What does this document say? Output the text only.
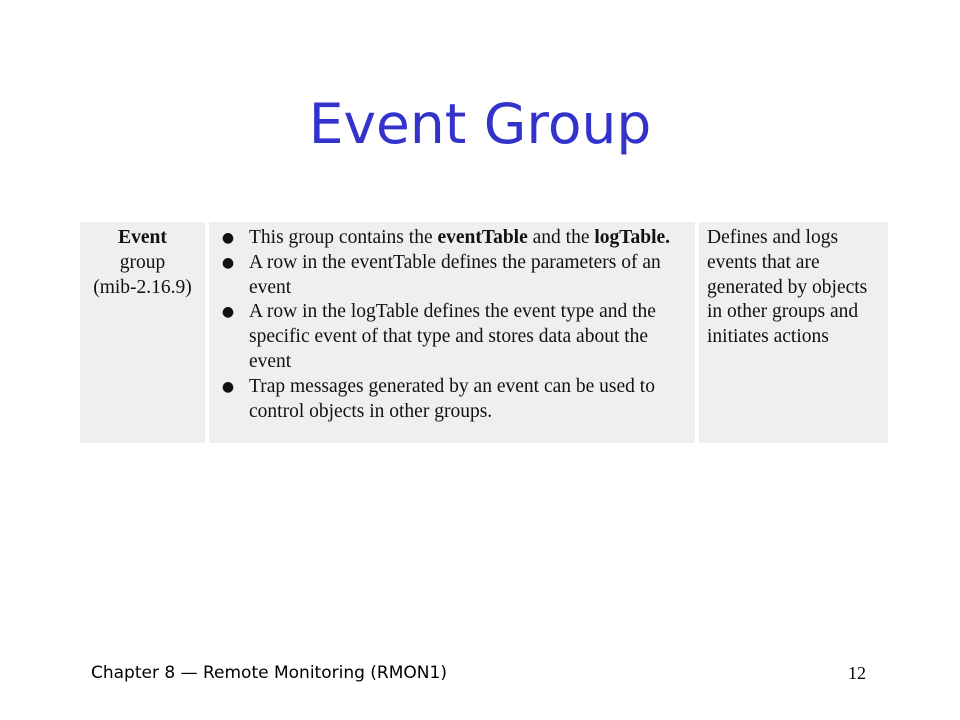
Event Group
Event
group
(mib-2.16.9)
● This group contains the eventTable and the logTable.
● A row in the eventTable defines the parameters of an event
● A row in the logTable defines the event type and the specific event of that type and stores data about the event
● Trap messages generated by an event can be used to control objects in other groups.
Defines and logs events that are generated by objects in other groups and initiates actions
Chapter 8 — Remote Monitoring (RMON1)	12
